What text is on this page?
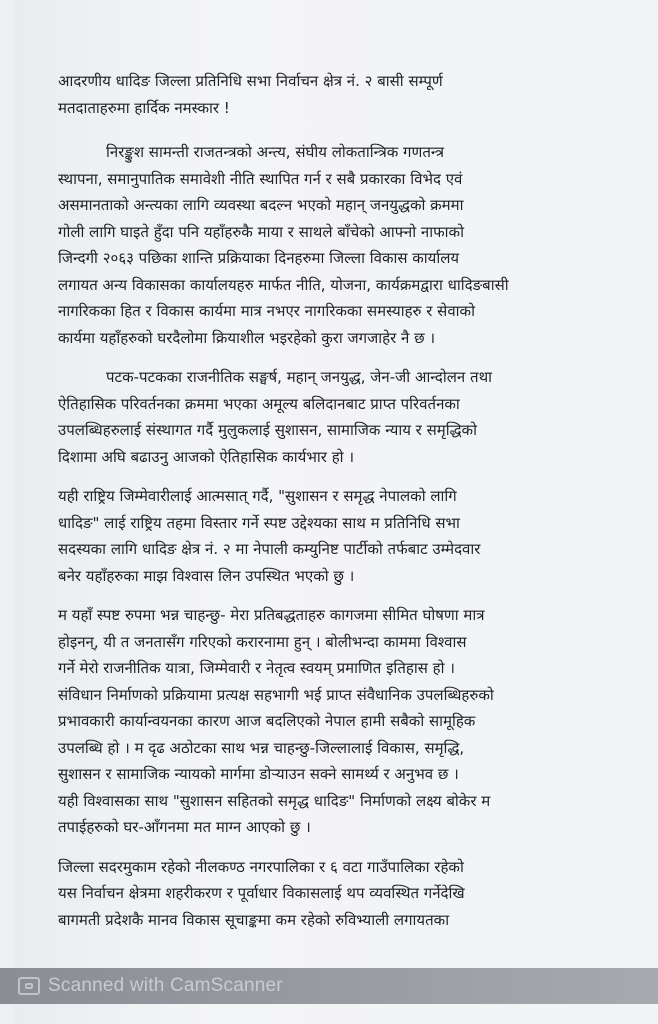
आदरणीय धादिङ जिल्ला प्रतिनिधि सभा निर्वाचन क्षेत्र नं. २ बासी सम्पूर्ण
मतदाताहरुमा हार्दिक नमस्कार !

निरङ्कुश सामन्ती राजतन्त्रको अन्त्य, संघीय लोकतान्त्रिक गणतन्त्र
स्थापना, समानुपातिक समावेशी नीति स्थापित गर्न र सबै प्रकारका विभेद एवं
असमानताको अन्त्यका लागि व्यवस्था बदल्न भएको महान् जनयुद्धको क्रममा
गोली लागि घाइते हुँदा पनि यहाँहरुकै माया र साथले बाँचेको आफ्नो नाफाको
जिन्दगी २०६३ पछिका शान्ति प्रक्रियाका दिनहरुमा जिल्ला विकास कार्यालय
लगायत अन्य विकासका कार्यालयहरु मार्फत नीति, योजना, कार्यक्रमद्वारा धादिङबासी
नागरिकका हित र विकास कार्यमा मात्र नभएर नागरिकका समस्याहरु र सेवाको
कार्यमा यहाँहरुको घरदैलोमा क्रियाशील भइरहेको कुरा जगजाहेर नै छ ।

पटक-पटकका राजनीतिक सङ्घर्ष, महान् जनयुद्ध, जेन-जी आन्दोलन तथा
ऐतिहासिक परिवर्तनका क्रममा भएका अमूल्य बलिदानबाट प्राप्त परिवर्तनका
उपलब्धिहरुलाई संस्थागत गर्दै मुलुकलाई सुशासन, सामाजिक न्याय र समृद्धिको
दिशामा अघि बढाउनु आजको ऐतिहासिक कार्यभार हो ।

यही राष्ट्रिय जिम्मेवारीलाई आत्मसात् गर्दै, "सुशासन र समृद्ध नेपालको लागि
धादिङ" लाई राष्ट्रिय तहमा विस्तार गर्ने स्पष्ट उद्देश्यका साथ म प्रतिनिधि सभा
सदस्यका लागि धादिङ क्षेत्र नं. २ मा नेपाली कम्युनिष्ट पार्टीको तर्फबाट उम्मेदवार
बनेर यहाँहरुका माझ विश्वास लिन उपस्थित भएको छु ।

म यहाँ स्पष्ट रुपमा भन्न चाहन्छु- मेरा प्रतिबद्धताहरु कागजमा सीमित घोषणा मात्र
होइनन्, यी त जनतासँग गरिएको करारनामा हुन् । बोलीभन्दा काममा विश्वास
गर्ने मेरो राजनीतिक यात्रा, जिम्मेवारी र नेतृत्व स्वयम् प्रमाणित इतिहास हो ।
संविधान निर्माणको प्रक्रियामा प्रत्यक्ष सहभागी भई प्राप्त संवैधानिक उपलब्धिहरुको
प्रभावकारी कार्यान्वयनका कारण आज बदलिएको नेपाल हामी सबैको सामूहिक
उपलब्धि हो । म दृढ अठोटका साथ भन्न चाहन्छु-जिल्लालाई विकास, समृद्धि,
सुशासन र सामाजिक न्यायको मार्गमा डोऱ्याउन सक्ने सामर्थ्य र अनुभव छ ।
यही विश्वासका साथ "सुशासन सहितको समृद्ध धादिङ" निर्माणको लक्ष्य बोकेर म
तपाईहरुको घर-आँगनमा मत माग्न आएको छु ।

जिल्ला सदरमुकाम रहेको नीलकण्ठ नगरपालिका र ६ वटा गाउँपालिका रहेको
यस निर्वाचन क्षेत्रमा शहरीकरण र पूर्वाधार विकासलाई थप व्यवस्थित गर्नेदेखि
बागमती प्रदेशकै मानव विकास सूचाङ्कमा कम रहेको रुविभ्याली लगायतका

Scanned with CamScanner
